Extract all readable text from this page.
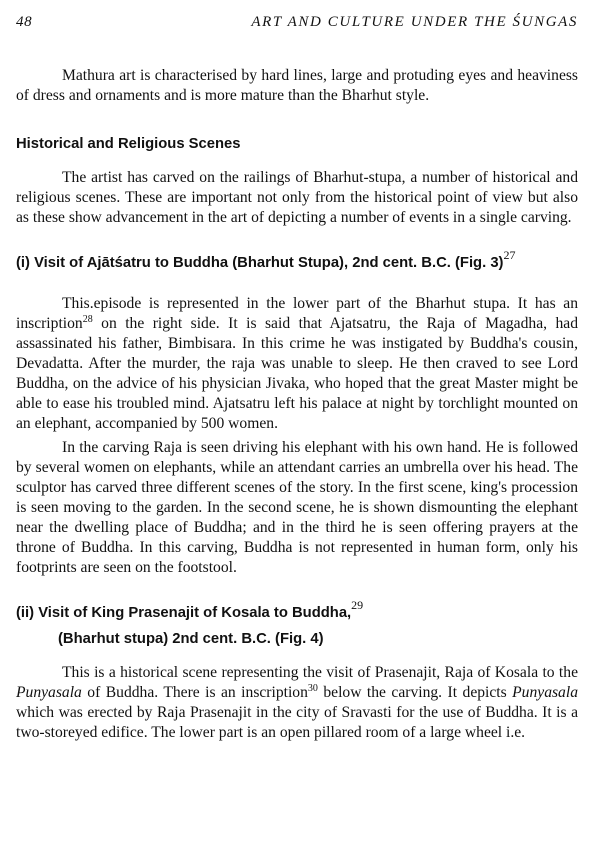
48	ART AND CULTURE UNDER THE ŚUNGAS

Mathura art is characterised by hard lines, large and protuding eyes and heaviness of dress and ornaments and is more mature than the Bharhut style.

Historical and Religious Scenes

The artist has carved on the railings of Bharhut-stupa, a number of historical and religious scenes. These are important not only from the historical point of view but also as these show advancement in the art of depicting a number of events in a single carving.

(i) Visit of Ajātśatru to Buddha (Bharhut Stupa), 2nd cent. B.C. (Fig. 3)$^{27}$

This.episode is represented in the lower part of the Bharhut stupa. It has an inscription$^{28}$ on the right side. It is said that Ajatsatru, the Raja of Magadha, had assassinated his father, Bimbisara. In this crime he was instigated by Buddha's cousin, Devadatta. After the murder, the raja was unable to sleep. He then craved to see Lord Buddha, on the advice of his physician Jivaka, who hoped that the great Master might be able to ease his troubled mind. Ajatsatru left his palace at night by torchlight mounted on an elephant, accompanied by 500 women.

In the carving Raja is seen driving his elephant with his own hand. He is followed by several women on elephants, while an attendant carries an umbrella over his head. The sculptor has carved three different scenes of the story. In the first scene, king's procession is seen moving to the garden. In the second scene, he is shown dismounting the elephant near the dwelling place of Buddha; and in the third he is seen offering prayers at the throne of Buddha. In this carving, Buddha is not represented in human form, only his footprints are seen on the footstool.

(ii) Visit of King Prasenajit of Kosala to Buddha,$^{29}$
(Bharhut stupa) 2nd cent. B.C. (Fig. 4)

This is a historical scene representing the visit of Prasenajit, Raja of Kosala to the Punyasala of Buddha. There is an inscription$^{30}$ below the carving. It depicts Punyasala which was erected by Raja Prasenajit in the city of Sravasti for the use of Buddha. It is a two-storeyed edifice. The lower part is an open pillared room of a large wheel i.e.
